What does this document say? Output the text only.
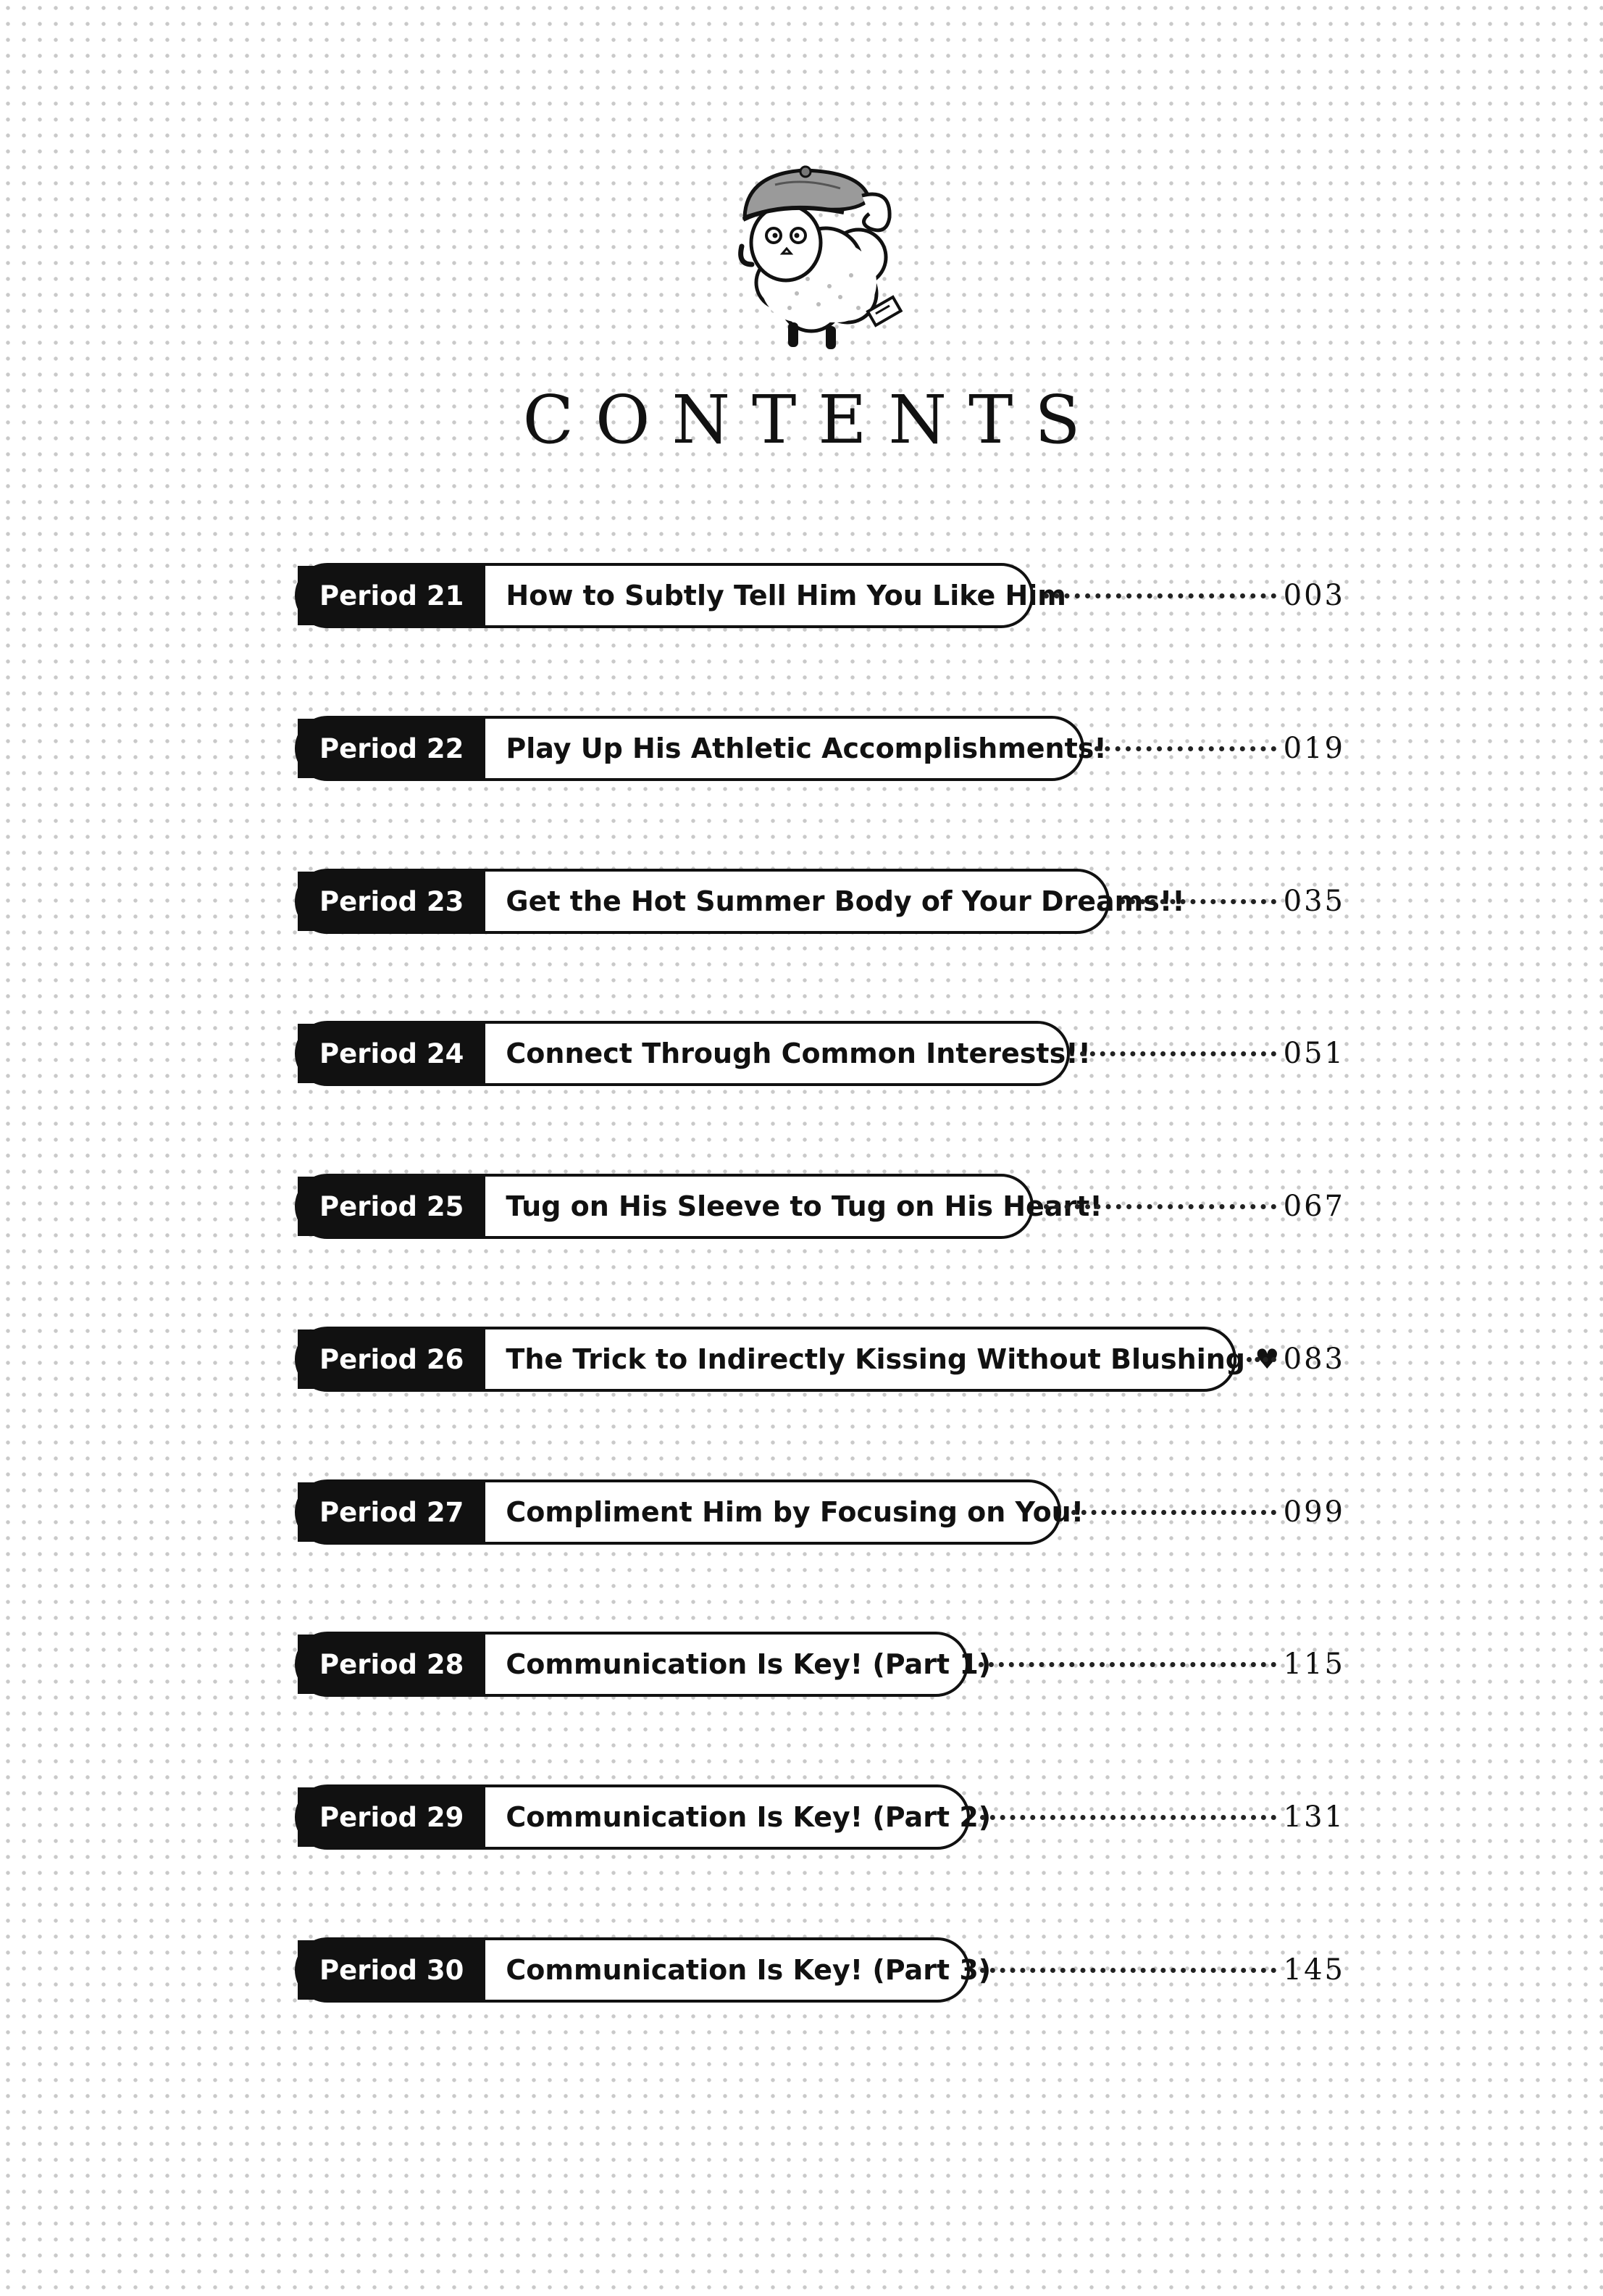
CONTENTS
Period 21	How to Subtly Tell Him You Like Him	003
Period 22	Play Up His Athletic Accomplishments!	019
Period 23	Get the Hot Summer Body of Your Dreams!!	035
Period 24	Connect Through Common Interests!!	051
Period 25	Tug on His Sleeve to Tug on His Heart!	067
Period 26	The Trick to Indirectly Kissing Without Blushing ♥ 083
Period 27	Compliment Him by Focusing on You!	099
Period 28	Communication Is Key! (Part 1)	115
Period 29	Communication Is Key! (Part 2)	131
Period 30	Communication Is Key! (Part 3)	145
